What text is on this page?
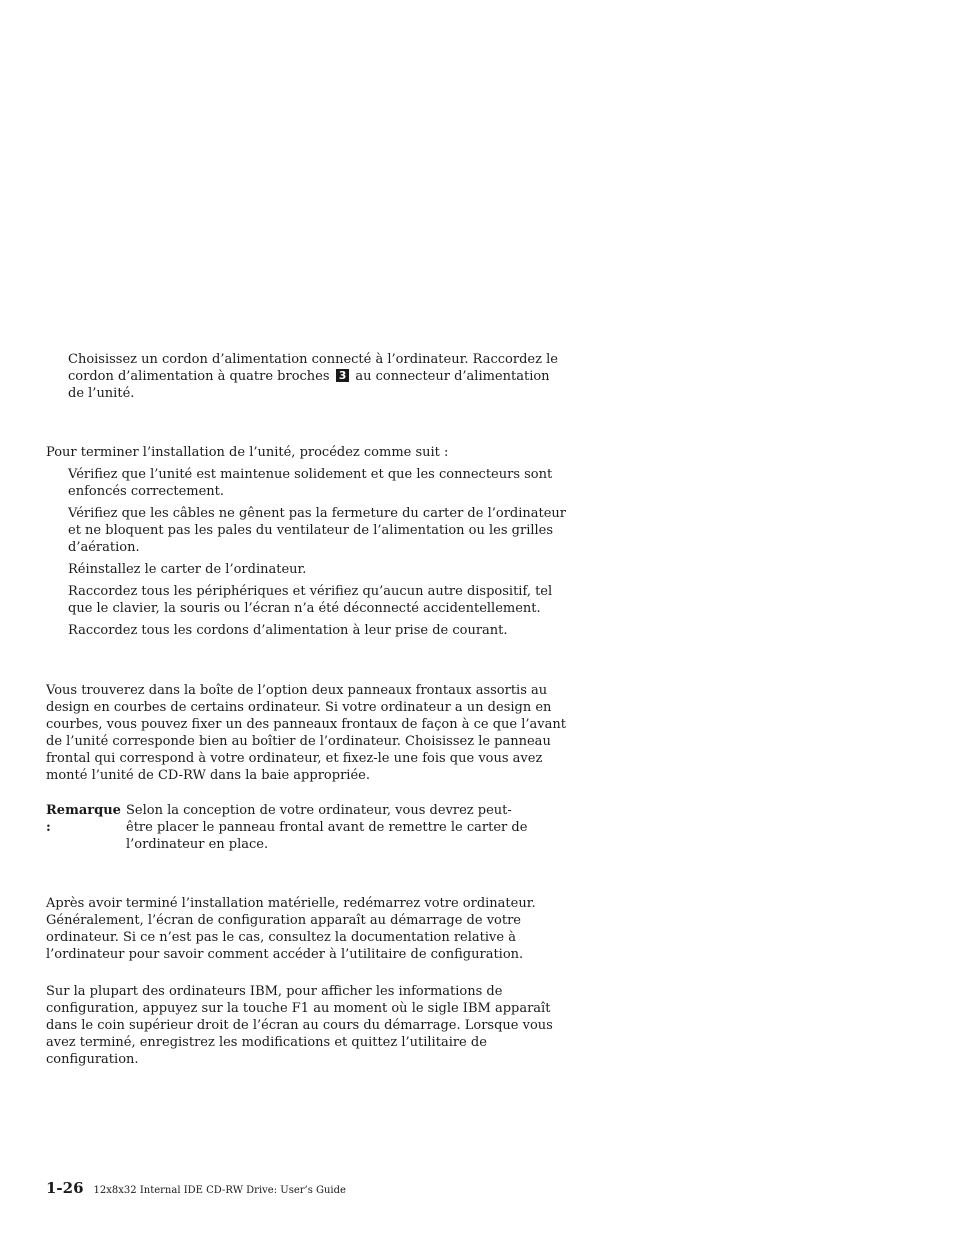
Choisissez un cordon d’alimentation connecté à l’ordinateur. Raccordez le cordon d’alimentation à quatre broches 3 au connecteur d’alimentation de l’unité.

Pour terminer l’installation de l’unité, procédez comme suit :

Vérifiez que l’unité est maintenue solidement et que les connecteurs sont enfoncés correctement.
Vérifiez que les câbles ne gênent pas la fermeture du carter de l’ordinateur et ne bloquent pas les pales du ventilateur de l’alimentation ou les grilles d’aération.
Réinstallez le carter de l’ordinateur.
Raccordez tous les périphériques et vérifiez qu’aucun autre dispositif, tel que le clavier, la souris ou l’écran n’a été déconnecté accidentellement.
Raccordez tous les cordons d’alimentation à leur prise de courant.

Vous trouverez dans la boîte de l’option deux panneaux frontaux assortis au design en courbes de certains ordinateur. Si votre ordinateur a un design en courbes, vous pouvez fixer un des panneaux frontaux de façon à ce que l’avant de l’unité corresponde bien au boîtier de l’ordinateur. Choisissez le panneau frontal qui correspond à votre ordinateur, et fixez-le une fois que vous avez monté l’unité de CD-RW dans la baie appropriée.

Remarque :
Selon la conception de votre ordinateur, vous devrez peut-être placer le panneau frontal avant de remettre le carter de l’ordinateur en place.

Après avoir terminé l’installation matérielle, redémarrez votre ordinateur. Généralement, l’écran de configuration apparaît au démarrage de votre ordinateur. Si ce n’est pas le cas, consultez la documentation relative à l’ordinateur pour savoir comment accéder à l’utilitaire de configuration.

Sur la plupart des ordinateurs IBM, pour afficher les informations de configuration, appuyez sur la touche F1 au moment où le sigle IBM apparaît dans le coin supérieur droit de l’écran au cours du démarrage. Lorsque vous avez terminé, enregistrez les modifications et quittez l’utilitaire de configuration.

1-26 12x8x32 Internal IDE CD-RW Drive: User’s Guide
